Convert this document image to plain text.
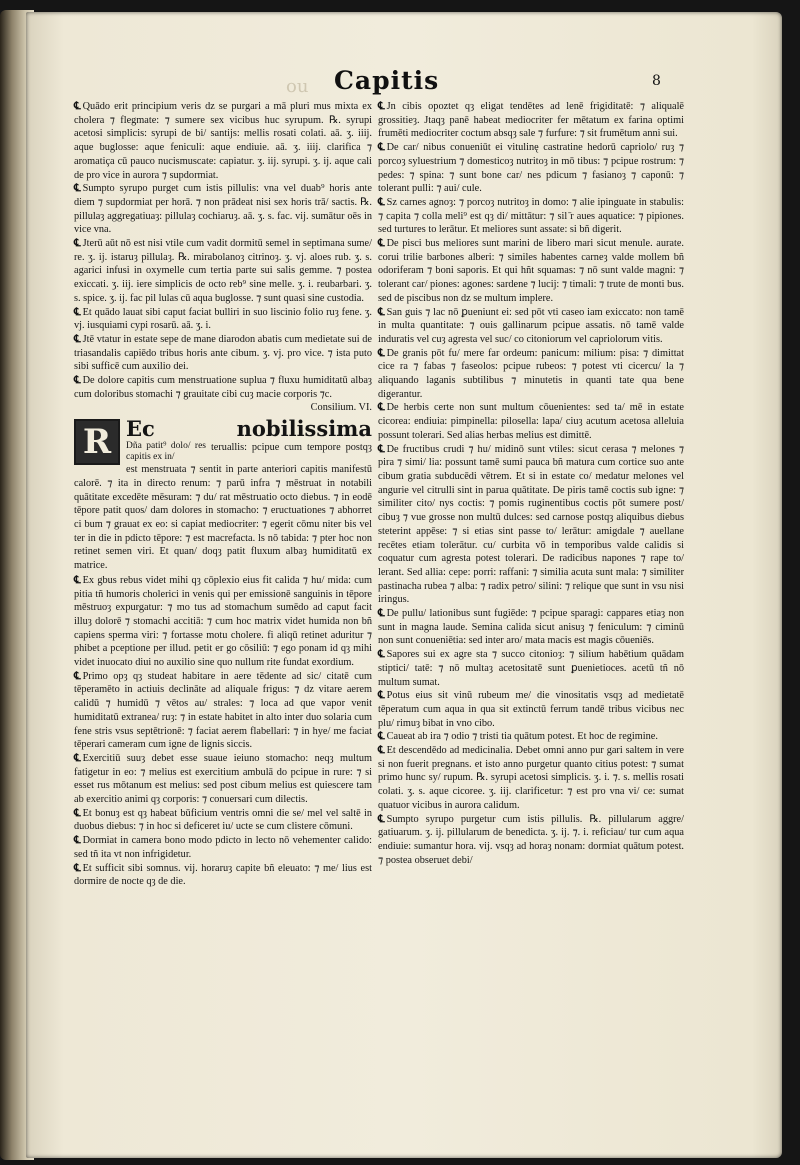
ou Capitis	8

℄ Quādo erit principium veris dz se purgari a mā pluri mus mixta ex cholera ⁊ flegmate: ⁊ sumere sex vicibus huc syrupum. ℞. syrupi acetosi simplicis: syrupi de bi/ santijs: mellis rosati colati. aā. ʒ. iiij. aque buglosse: aque feniculi: aque endiuie. aā. ʒ. iiij. clarifica ⁊ aromatiça cū pauco nucismuscate: capiatur. ʒ. iij. syrupi. ʒ. ij. aque cali de pro vice in aurora ⁊ supdormiat.

℄ Sumpto syrupo purget cum istis pillulis: vna vel duab⁹ horis ante diem ⁊ supdormiat per horā. ⁊ non prādeat nisi sex horis trā/ sactis. ℞. pillulaȝ aggregatiuaȝ: pillulaȝ cochiaruȝ. aā. ʒ. s. fac. vij. sumātur oēs in vice vna.

℄ Jterū aūt nō est nisi vtile cum vadit dormitū semel in septimana sume/ re. ʒ. ij. istaruȝ pillulaȝ. ℞. mirabolanoȝ citrinoȝ. ʒ. vj. aloes rub. ʒ. s. agarici infusi in oxymelle cum tertia parte sui salis gemme. ⁊ postea exiccati. ʒ. iij. iere simplicis de octo reb⁹ sine melle. ʒ. i. reubarbari. ʒ. s. spice. ʒ. ij. fac pil lulas cū aqua buglosse. ⁊ sunt quasi sine custodia.

℄ Et quādo lauat sibi caput faciat bulliri in suo liscinio folio ruȝ fene. ʒ. vj. iusquiami cypi rosarū. aā. ʒ. i.

℄ Jtē vtatur in estate sepe de mane diarodon abatis cum medietate sui de triasandalis capiēdo tribus horis ante cibum. ʒ. vj. pro vice. ⁊ ista puto sibi sufficē cum auxilio dei.

℄ De dolore capitis cum menstruatione suplua ⁊ fluxu humiditatū albaȝ cum doloribus stomachi ⁊ grauitate cibi cuȝ macie corporis ⁊c.

Consilium. VI.

R Ec nobilissima Dña patit⁹ dolo/ res capitis ex in/ teruallis: pcipue cum tempore postqȝ est menstruata ⁊ sentit in parte anteriori capitis manifestū calorē. ⁊ ita in directo renum: ⁊ parū infra ⁊ mēstruat in notabili quātitate excedēte mēsuram: ⁊ du/ rat mēstruatio octo diebus. ⁊ in eodē tēpore patit quos/ dam dolores in stomacho: ⁊ eructuationes ⁊ abhorret ci bum ⁊ grauat ex eo: si capiat mediocriter: ⁊ egerit cōmu niter bis vel ter in die in pdicto tēpore: ⁊ est macrefacta. ls nō tabida: ⁊ pter hoc non retinet semen viri. Et quan/ doqȝ patit fluxum albaȝ humiditatū ex matrice.

℄ Ex gbus rebus videt mihi qȝ cōplexio eius fit calida ⁊ hu/ mida: cum pitia tñ humoris cholerici in venis qui per emissionē sanguinis in tēpore mēstruoȝ expurgatur: ⁊ mo tus ad stomachum sumēdo ad caput facit illuȝ dolorē ⁊ stomachi accitiā: ⁊ cum hoc matrix videt humida non bñ capiens sperma viri: ⁊ fortasse motu cholere. fi aliqū retinet aduritur ⁊ phibet a pceptione per illud. petit er go cōsiliū: ⁊ ego ponam id qȝ mihi videt inuocato diui no auxilio sine quo nullum rite fundat exordium.

℄ Primo opȝ qȝ studeat habitare in aere tēdente ad sic/ citatē cum tēperamēto in actiuis declināte ad aliquale frigus: ⁊ dz vitare aerem calidū ⁊ humidū ⁊ vētos au/ strales: ⁊ loca ad que vapor venit humiditatū extranea/ ruȝ: ⁊ in estate habitet in alto inter duo solaria cum fene stris vsus septētrionē: ⁊ faciat aerem flabellari: ⁊ in hye/ me faciat tēperari cameram cum igne de lignis siccis.

℄ Exercitiū suuȝ debet esse suaue ieiuno stomacho: neqȝ multum fatigetur in eo: ⁊ melius est exercitium ambulā do pcipue in rure: ⁊ si esset rus mōtanum est melius: sed post cibum melius est quiescere tam ab exercitio animi qȝ corporis: ⁊ conuersari cum dilectis.

℄ Et bonuȝ est qȝ habeat būficium ventris omni die se/ mel vel saltē in duobus diebus: ⁊ in hoc si deficeret iu/ ucte se cum clistere cōmuni.

℄ Dormiat in camera bono modo pdicto in lecto nō vehementer calido: sed tñ ita vt non infrigidetur.

℄ Et sufficit sibi somnus. vij. horaruȝ capite bñ eleuato: ⁊ me/ lius est dormire de nocte qȝ de die.

℄ Jn cibis opoztet qȝ eligat tendētes ad lenē frigiditatē: ⁊ aliqualē grossitieȝ. Jtaqȝ panē habeat mediocriter fer mētatum ex farina optimi frumēti mediocriter coctum absqȝ sale ⁊ furfure: ⁊ sit frumētum anni sui.

℄ De car/ nibus conueniūt ei vitulinę castratine hedorū capriolo/ ruȝ ⁊ porcoȝ syluestrium ⁊ domesticoȝ nutritoȝ in mō tibus: ⁊ pcipue rostrum: ⁊ pedes: ⁊ spina: ⁊ sunt bone car/ nes pdicum ⁊ fasianoȝ ⁊ caponū: ⁊ tolerant pulli: ⁊ aui/ cule.

℄ Sz carnes agnoȝ: ⁊ porcoȝ nutritoȝ in domo: ⁊ alie ipinguate in stabulis: ⁊ capita ⁊ colla meli⁹ est qȝ di/ mittātur: ⁊ sil ̄r aues aquatice: ⁊ pipiones. sed turtures to lerātur. Et meliores sunt assate: si bñ digerit.

℄ De pisci bus meliores sunt marini de libero mari sicut menule. aurate. corui trilie barbones alberi: ⁊ similes habentes carneȝ valde mollem bñ odoriferam ⁊ boni saporis. Et qui hñt squamas: ⁊ nō sunt valde magni: ⁊ tolerant car/ piones: agones: sardene ⁊ lucij: ⁊ timali: ⁊ trute de monti bus. sed de piscibus non dz se multum implere.

℄ San guis ⁊ lac nō ꝑueniunt ei: sed pōt vti caseo iam exiccato: non tamē in multa quantitate: ⁊ ouis gallinarum pcipue assatis. nō tamē valde induratis vel cuȝ agresta vel suc/ co citoniorum vel capriolorum vitis.

℄ De granis pōt fu/ mere far ordeum: panicum: milium: pisa: ⁊ dimittat cice ra ⁊ fabas ⁊ faseolos: pcipue rubeos: ⁊ potest vti cicercu/ la ⁊ aliquando laganis subtilibus ⁊ minutetis in quanti tate qua bene digerantur.

℄ De herbis certe non sunt multum cōuenientes: sed ta/ mē in estate cicorea: endiuia: pimpinella: pilosella: lapa/ ciuȝ acutum acetosa alleluia possunt tolerari. Sed alias herbas melius est dimittē.

℄ De fructibus crudi ⁊ hu/ midinō sunt vtiles: sicut cerasa ⁊ melones ⁊ pira ⁊ simi/ lia: possunt tamē sumi pauca bñ matura cum cortice suo ante cibum gratia subducēdi vētrem. Et si in estate co/ medatur melones vel angurie vel citrulli sint in parua quātitate. De piris tamē coctis sub igne: ⁊ similiter cito/ nys coctis: ⁊ pomis ruginentibus coctis pōt sumere post/ cibuȝ ⁊ vue grosse non multū dulces: sed carnose postqȝ aliquibus diebus steterint appēse: ⁊ si etias sint passe to/ lerātur: amigdale ⁊ auellane recētes etiam tolerātur. cu/ curbita vō in temporibus valde calidis si coquatur cum agresta potest tolerari. De radicibus napones ⁊ rape to/ lerant. Sed allia: cepe: porri: raffani: ⁊ similia acuta sunt mala: ⁊ similiter pastinacha rubea ⁊ alba: ⁊ radix petro/ silini: ⁊ relique que sunt in vsu nisi iringus.

℄ De pullu/ lationibus sunt fugiēde: ⁊ pcipue sparagi: cappares etiaȝ non sunt in magna laude. Semina calida sicut anisuȝ ⁊ feniculum: ⁊ ciminū non sunt conueniētia: sed inter aro/ mata macis est magis cōueniēs.

℄ Sapores sui ex agre sta ⁊ succo citonioȝ: ⁊ silium habētium quādam stiptici/ tatē: ⁊ nō multaȝ acetositatē sunt ꝑuenietioces. acetū tñ nō multum sumat.

℄ Potus eius sit vinū rubeum me/ die vinositatis vsqȝ ad medietatē tēperatum cum aqua in qua sit extinctū ferrum tandē tribus vicibus nec plu/ rimuȝ bibat in vno cibo.

℄ Caueat ab ira ⁊ odio ⁊ tristi tia quātum potest. Et hoc de regimine.

℄ Et descendēdo ad medicinalia. Debet omni anno pur gari saltem in vere si non fuerit pregnans. et isto anno purgetur quanto citius potest: ⁊ sumat primo hunc sy/ rupum. ℞. syrupi acetosi simplicis. ʒ. i. ⁊. s. mellis rosati colati. ʒ. s. aque cicoree. ʒ. iij. clarificetur: ⁊ est pro vna vi/ ce: sumat quatuor vicibus in aurora calidum.

℄ Sumpto syrupo purgetur cum istis pillulis. ℞. pillularum aggre/ gatiuarum. ʒ. ij. pillularum de benedicta. ʒ. ij. ⁊. i. reficiau/ tur cum aqua endiuie: sumantur hora. vij. vsqȝ ad horaȝ nonam: dormiat quātum potest. ⁊ postea obseruet debi/
